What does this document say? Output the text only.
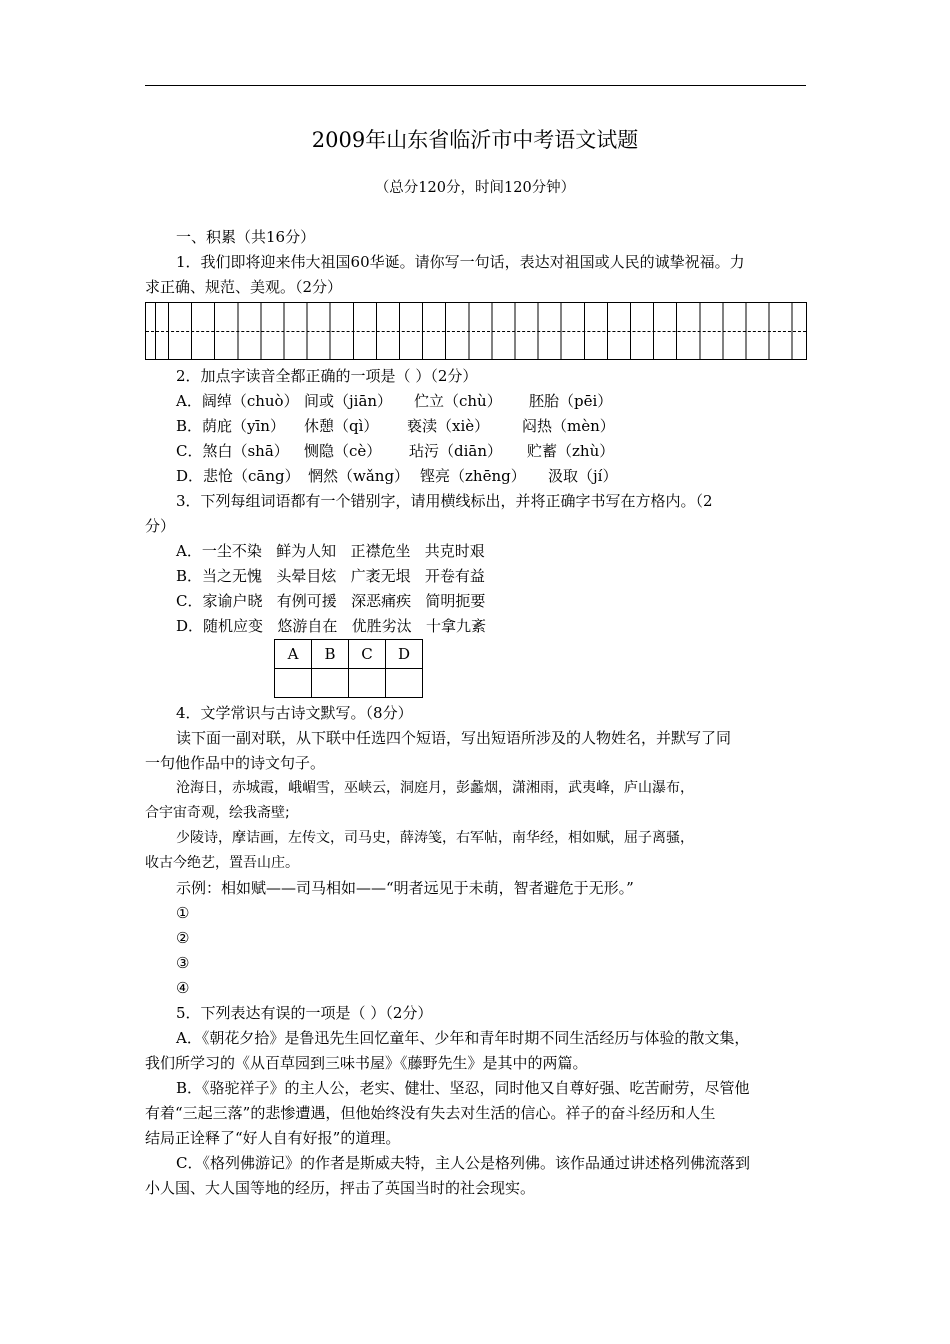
2009年山东省临沂市中考语文试题
（总分120分，时间120分钟）
一、积累（共16分）
1．我们即将迎来伟大祖国60华诞。请你写一句话，表达对祖国或人民的诚挚祝福。力
求正确、规范、美观。（2分）
2．加点字读音全都正确的一项是（ ）（2分）
A．阔绰（chuò） 间或（jiān） 伫立（chù） 胚胎（pēi）
B．荫庇（yīn） 休憩（qì） 亵渎（xiè） 闷热（mèn）
C．煞白（shā） 恻隐（cè） 玷污（diān） 贮蓄（zhù）
D．悲怆（cāng） 惘然（wǎng） 铿亮（zhēng） 汲取（jí）
3．下列每组词语都有一个错别字，请用横线标出，并将正确字书写在方格内。（2
分）
A．一尘不染   鲜为人知   正襟危坐   共克时艰
B．当之无愧   头晕目炫   广袤无垠   开卷有益
C．家谕户晓   有例可援   深恶痛疾   简明扼要
D．随机应变   悠游自在   优胜劣汰   十拿九紊
A	B	C	D

4．文学常识与古诗文默写。（8分）
读下面一副对联，从下联中任选四个短语，写出短语所涉及的人物姓名，并默写了同
一句他作品中的诗文句子。
沧海日，赤城霞，峨嵋雪，巫峡云，洞庭月，彭蠡烟，潇湘雨，武夷峰，庐山瀑布，
合宇宙奇观，绘我斋壁;
少陵诗，摩诘画，左传文，司马史，薛涛笺，右军帖，南华经，相如赋，屈子离骚，
收古今绝艺，置吾山庄。
示例：相如赋——司马相如——“明者远见于未萌，智者避危于无形。”
①
②
③
④
5．下列表达有误的一项是（ ）（2分）
A．《朝花夕拾》是鲁迅先生回忆童年、少年和青年时期不同生活经历与体验的散文集，
我们所学习的《从百草园到三味书屋》《藤野先生》是其中的两篇。
B．《骆驼祥子》的主人公，老实、健壮、坚忍，同时他又自尊好强、吃苦耐劳，尽管他
有着“三起三落”的悲惨遭遇，但他始终没有失去对生活的信心。祥子的奋斗经历和人生
结局正诠释了“好人自有好报”的道理。
C．《格列佛游记》的作者是斯威夫特，主人公是格列佛。该作品通过讲述格列佛流落到
小人国、大人国等地的经历，抨击了英国当时的社会现实。
